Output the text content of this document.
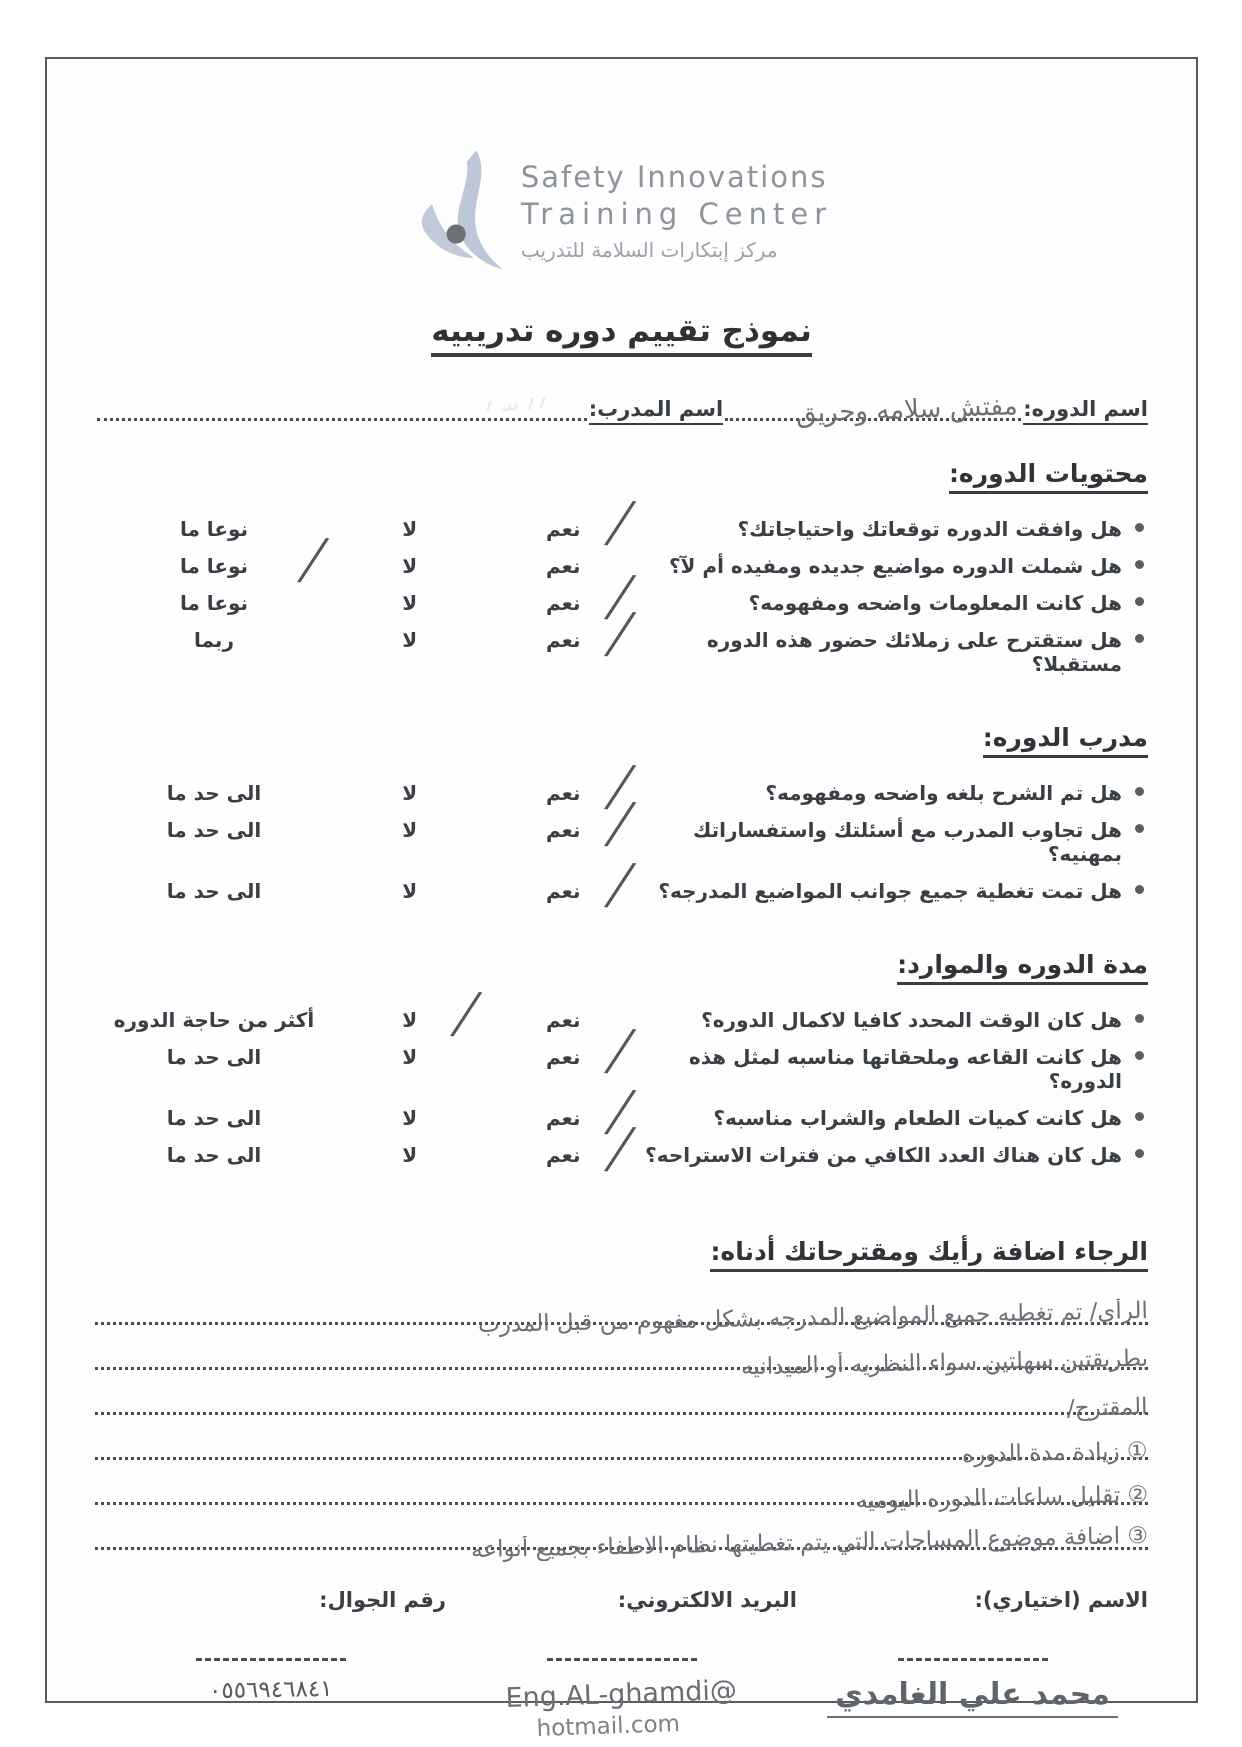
Safety Innovations
Training Center
مركز إبتكارات السلامة للتدريب
نموذج تقييم دوره تدريبيه
اسم الدوره:
مفتش سلامه وحريق
اسم المدرب:
؍؍ ٮٮـ ؍
محتويات الدوره:
هل وافقت الدوره توقعاتك واحتياجاتك؟
╱ نعم
لا
نوعا ما
هل شملت الدوره مواضيع جديده ومفيده أم لآ؟
نعم
لا
╱ نوعا ما
هل كانت المعلومات واضحه ومفهومه؟
╱ نعم
لا
نوعا ما
هل ستقترح على زملائك حضور هذه الدوره مستقبلا؟
╱ نعم
لا
ربما
مدرب الدوره:
هل تم الشرح بلغه واضحه ومفهومه؟
╱ نعم
لا
الى حد ما
هل تجاوب المدرب مع أسئلتك واستفساراتك بمهنيه؟
╱ نعم
لا
الى حد ما
هل تمت تغطية جميع جوانب المواضيع المدرجه؟
╱ نعم
لا
الى حد ما
مدة الدوره والموارد:
هل كان الوقت المحدد كافيا لاكمال الدوره؟
نعم
╱ لا
أكثر من حاجة الدوره
هل كانت القاعه وملحقاتها مناسبه لمثل هذه الدوره؟
╱ نعم
لا
الى حد ما
هل كانت كميات الطعام والشراب مناسبه؟
╱ نعم
لا
الى حد ما
هل كان هناك العدد الكافي من فترات الاستراحه؟
╱ نعم
لا
الى حد ما
الرجاء اضافة رأيك ومقترحاتك أدناه:
الرأي/ تم تغطيه جميع المواضيع المدرجه بشكل مفهوم من قبل المدرب
بطريقتين سهلتين سواء النظريه أو الميدانيه
المقترح/
① زيادة مدة الدوره
② تقليل ساعات الدوره اليوميه
③ اضافة موضوع المساحات التي يتم تغطيتها نظام الاطفاء بجميع أنواعه
الاسم (اختياري):
محمد علي الغامدي
البريد الالكتروني:
Eng.AL-ghamdi@
hotmail.com
رقم الجوال:
٠٥٥٦٩٤٦٨٤١
